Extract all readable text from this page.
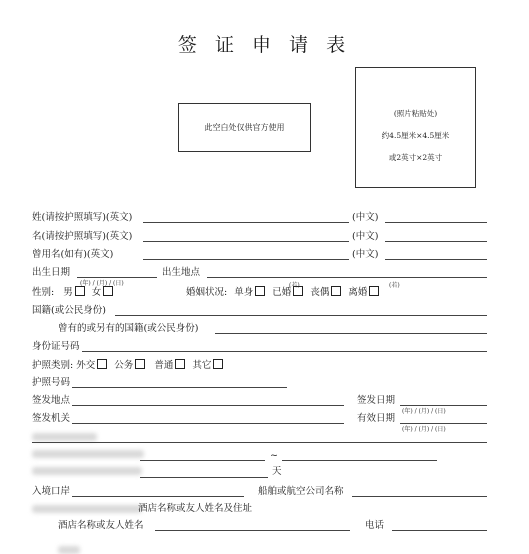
签 证 申 请 表
此空白处仅供官方使用
(照片粘贴处)
约4.5厘米×4.5厘米
或2英寸×2英寸
姓(请按护照填写)(英文)	(中文)
名(请按护照填写)(英文)	(中文)
曾用名(如有)(英文)	(中文)
出生日期
(年) / (月) / (日)
出生地点
性别: 男 女	婚姻状况: 单身 已婚 丧偶 离婚
(若)	(若)
国籍(或公民身份)
曾有的或另有的国籍(或公民身份)
身份证号码
护照类别: 外交 公务 普通 其它
护照号码
签发地点	签发日期
(年) / (月) / (日)
签发机关	有效日期
(年) / (月) / (日)
~
天
入境口岸	船舶或航空公司名称
酒店名称或友人姓名及住址
酒店名称或友人姓名	电话
